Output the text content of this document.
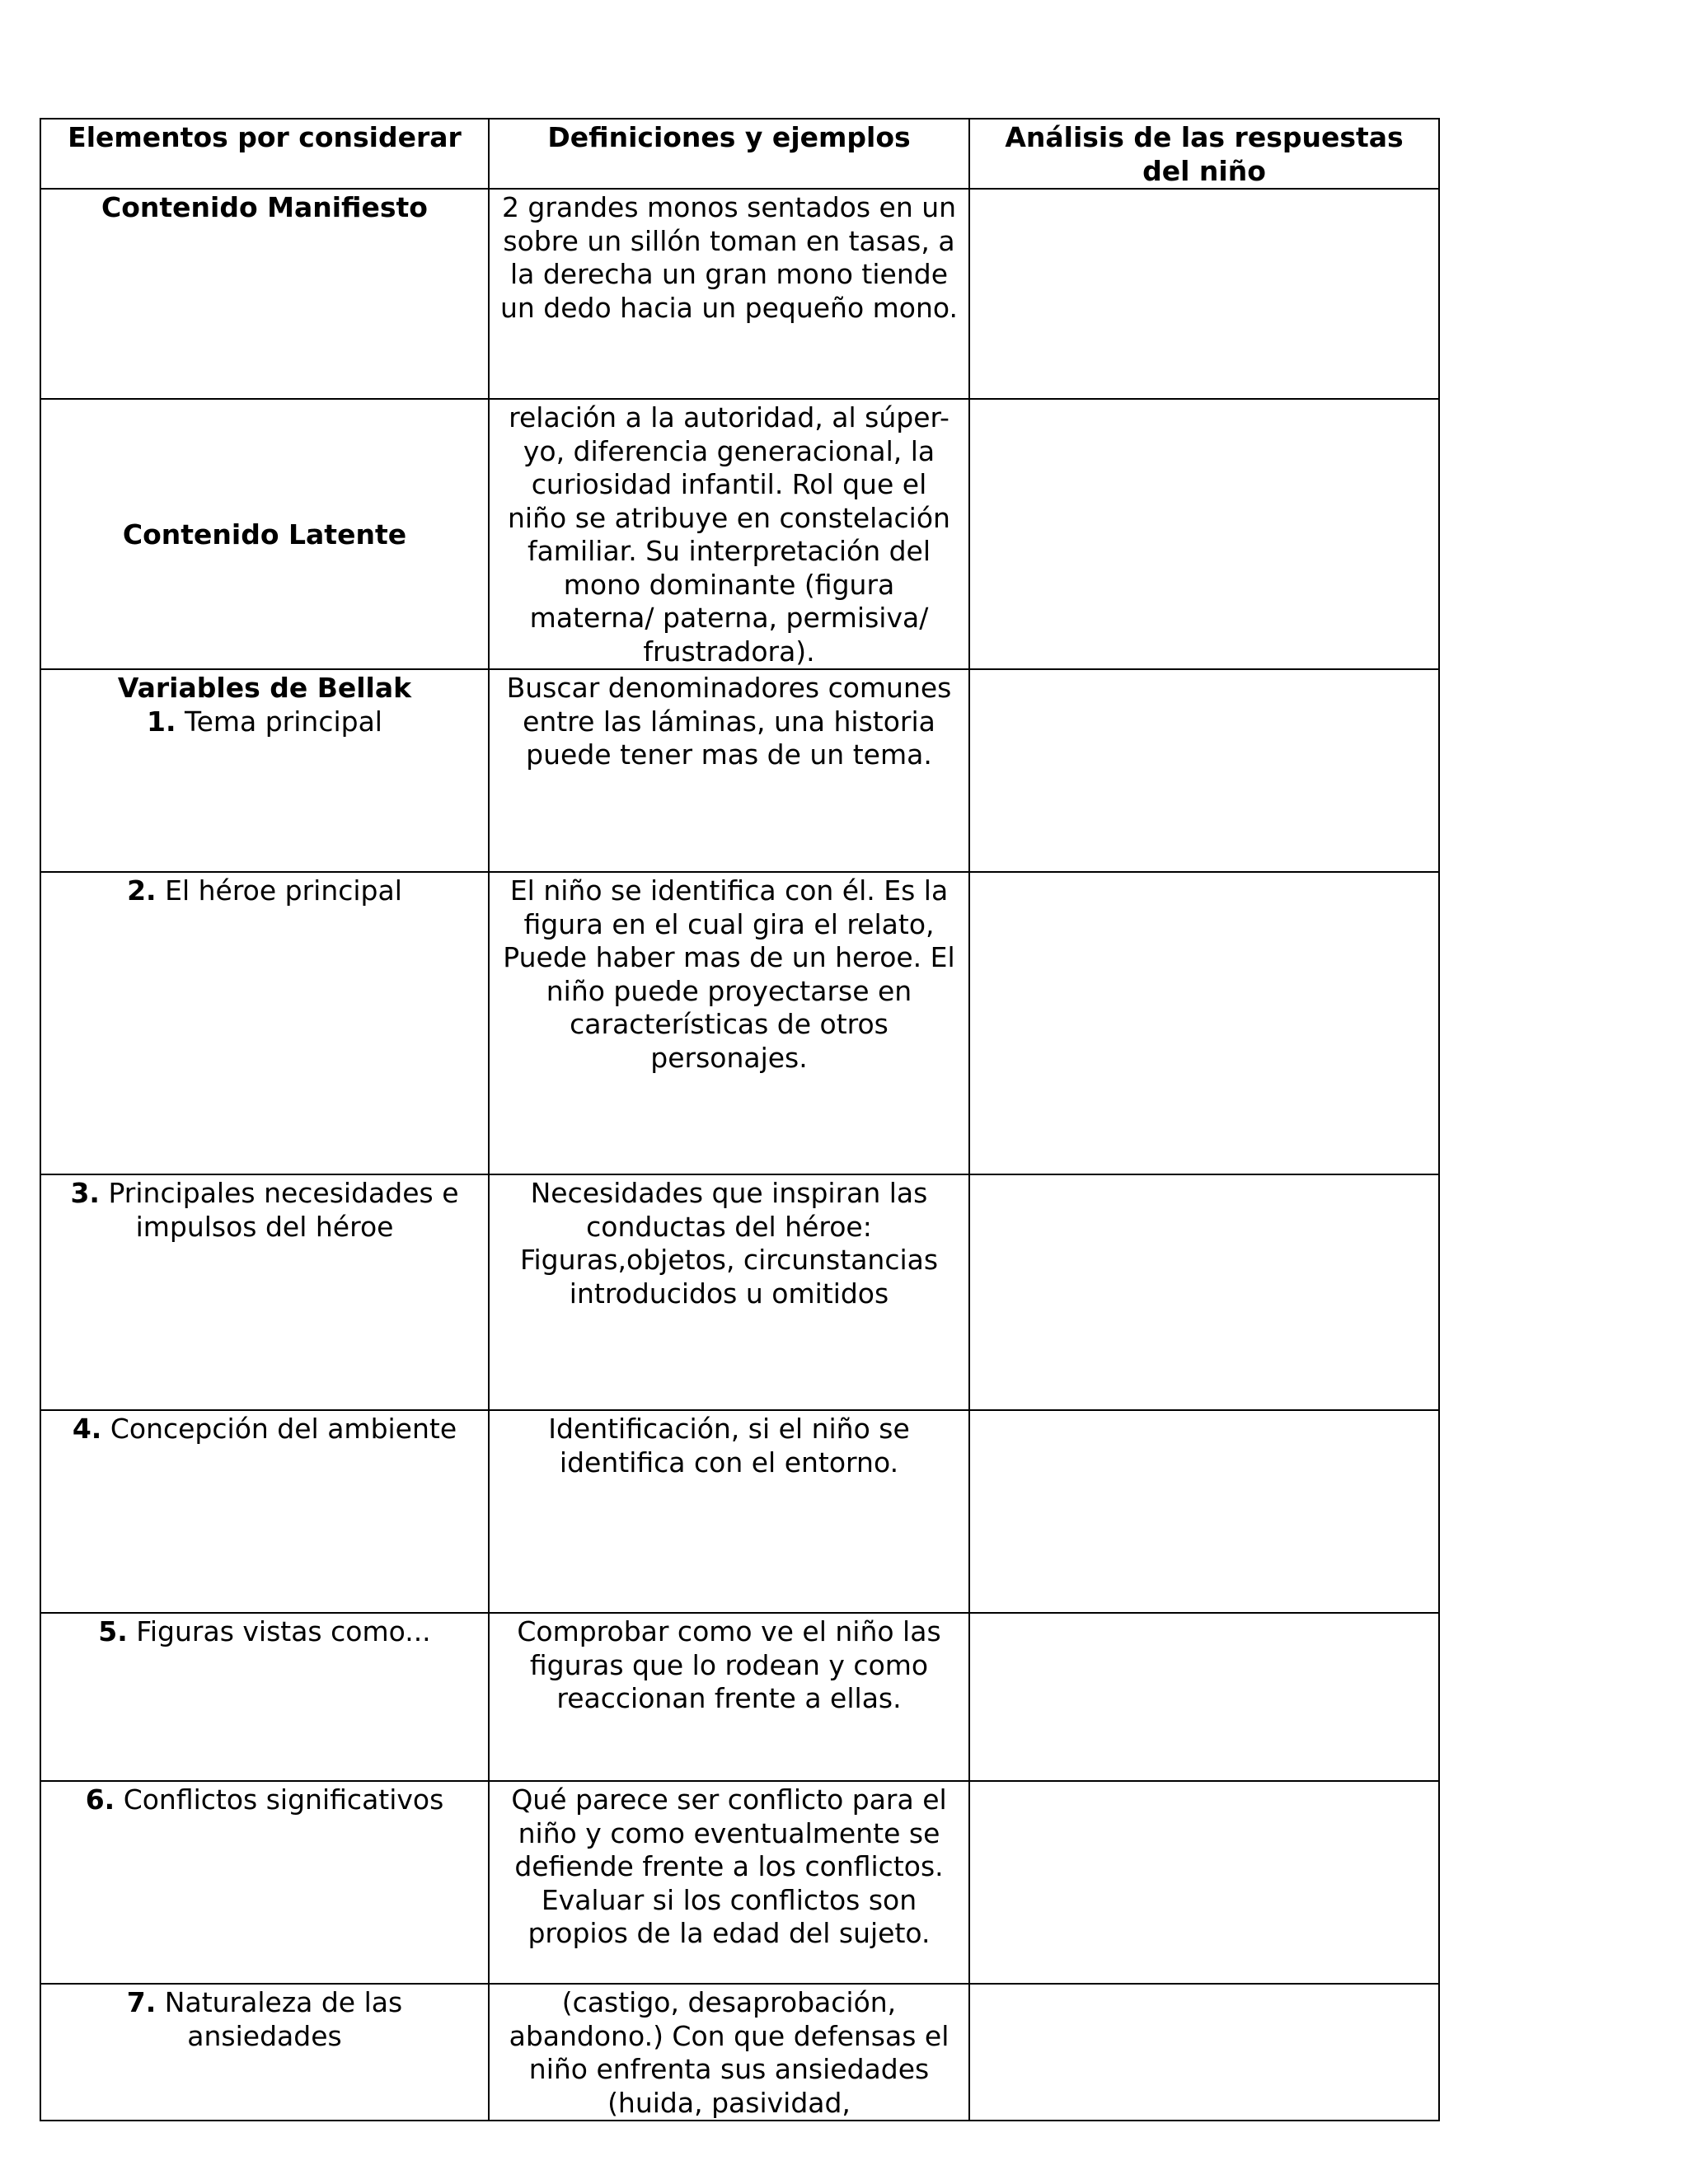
Elementos por considerar	Definiciones y ejemplos	Análisis de las respuestas del niño
Contenido Manifiesto	2 grandes monos sentados en un sobre un sillón toman en tasas, a la derecha un gran mono tiende un dedo hacia un pequeño mono.	
Contenido Latente	relación a la autoridad, al súper-yo, diferencia generacional, la curiosidad infantil. Rol que el niño se atribuye en constelación familiar. Su interpretación del mono dominante (figura materna/ paterna, permisiva/ frustradora).	

Variables de Bellak
1. Tema principal	Buscar denominadores comunes entre las láminas, una historia puede tener mas de un tema.	
2. El héroe principal	El niño se identifica con él. Es la figura en el cual gira el relato, Puede haber mas de un heroe. El niño puede proyectarse en características de otros personajes.	
3. Principales necesidades e impulsos del héroe	Necesidades que inspiran las conductas del héroe: Figuras,objetos, circunstancias introducidos u omitidos	
4. Concepción del ambiente	Identificación, si el niño se identifica con el entorno.	
5. Figuras vistas como...	Comprobar como ve el niño las figuras que lo rodean y como reaccionan frente a ellas.	
6. Conflictos significativos	Qué parece ser conflicto para el niño y como eventualmente se defiende frente a los conflictos. Evaluar si los conflictos son propios de la edad del sujeto.	
7. Naturaleza de las ansiedades	(castigo, desaprobación, abandono.) Con que defensas el niño enfrenta sus ansiedades (huida, pasividad,	
